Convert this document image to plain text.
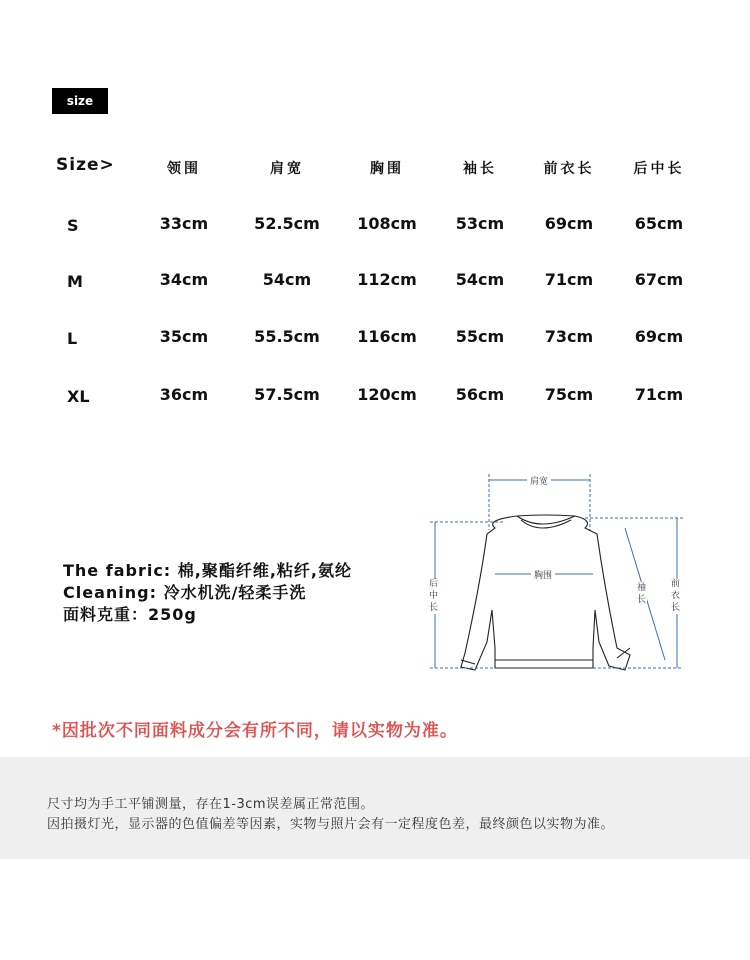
size
Size>	领围	肩宽	胸围	袖长	前衣长	后中长
S	33cm	52.5cm 108cm 53cm	69cm	65cm
M	34cm	54cm	112cm 54cm	71cm	67cm
L	35cm	55.5cm 116cm 55cm	73cm	69cm
XL	36cm	57.5cm 120cm 56cm	75cm	71cm
The fabric: 棉,聚酯纤维,粘纤,氨纶
Cleaning: 冷水机洗/轻柔手洗
面料克重：250g
肩宽
胸围
后中长
袖长
前衣长
*因批次不同面料成分会有所不同，请以实物为准。
尺寸均为手工平铺测量，存在1-3cm误差属正常范围。
因拍摄灯光，显示器的色值偏差等因素，实物与照片会有一定程度色差，最终颜色以实物为准。
